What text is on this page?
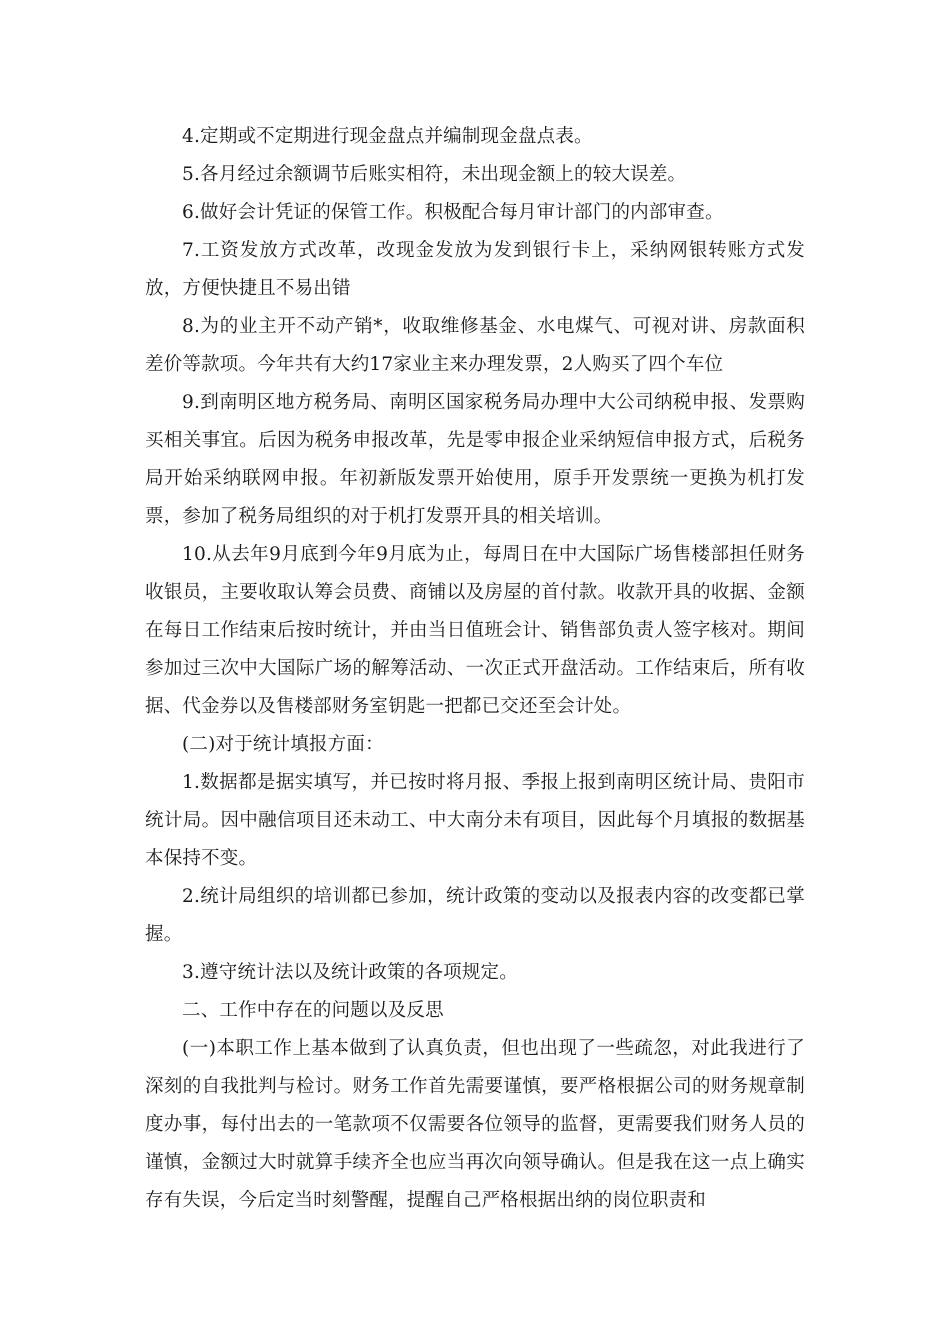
4.定期或不定期进行现金盘点并编制现金盘点表。

5.各月经过余额调节后账实相符，未出现金额上的较大误差。

6.做好会计凭证的保管工作。积极配合每月审计部门的内部审查。

7.工资发放方式改革，改现金发放为发到银行卡上，采纳网银转账方式发放，方便快捷且不易出错

8.为的业主开不动产销*，收取维修基金、水电煤气、可视对讲、房款面积差价等款项。今年共有大约17家业主来办理发票，2人购买了四个车位

9.到南明区地方税务局、南明区国家税务局办理中大公司纳税申报、发票购买相关事宜。后因为税务申报改革，先是零申报企业采纳短信申报方式，后税务局开始采纳联网申报。年初新版发票开始使用，原手开发票统一更换为机打发票，参加了税务局组织的对于机打发票开具的相关培训。

10.从去年9月底到今年9月底为止，每周日在中大国际广场售楼部担任财务收银员，主要收取认筹会员费、商铺以及房屋的首付款。收款开具的收据、金额在每日工作结束后按时统计，并由当日值班会计、销售部负责人签字核对。期间参加过三次中大国际广场的解筹活动、一次正式开盘活动。工作结束后，所有收据、代金券以及售楼部财务室钥匙一把都已交还至会计处。

(二)对于统计填报方面：

1.数据都是据实填写，并已按时将月报、季报上报到南明区统计局、贵阳市统计局。因中融信项目还未动工、中大南分未有项目，因此每个月填报的数据基本保持不变。

2.统计局组织的培训都已参加，统计政策的变动以及报表内容的改变都已掌握。

3.遵守统计法以及统计政策的各项规定。

二、工作中存在的问题以及反思

(一)本职工作上基本做到了认真负责，但也出现了一些疏忽，对此我进行了深刻的自我批判与检讨。财务工作首先需要谨慎，要严格根据公司的财务规章制度办事，每付出去的一笔款项不仅需要各位领导的监督，更需要我们财务人员的谨慎，金额过大时就算手续齐全也应当再次向领导确认。但是我在这一点上确实存有失误，今后定当时刻警醒，提醒自己严格根据出纳的岗位职责和
